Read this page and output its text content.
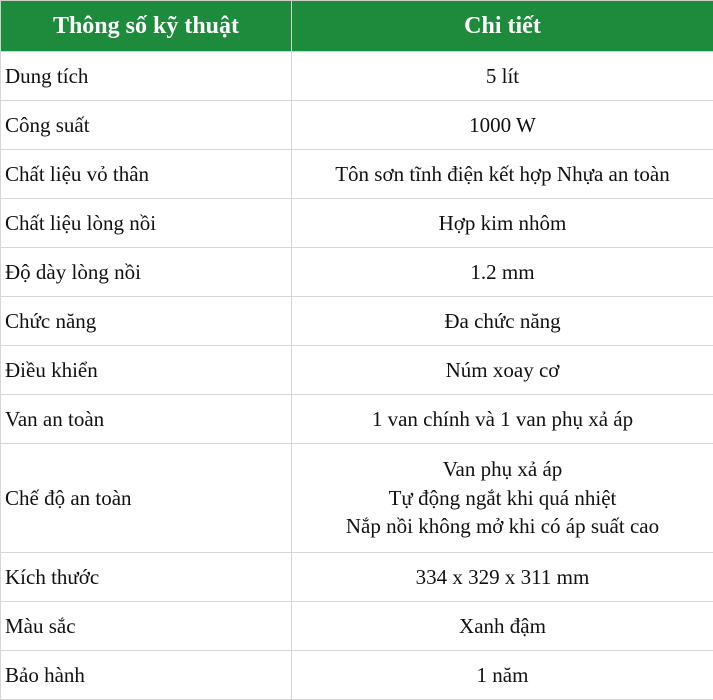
Thông số kỹ thuật	Chi tiết
Dung tích	5 lít
Công suất	1000 W
Chất liệu vỏ thân	Tôn sơn tĩnh điện kết hợp Nhựa an toàn
Chất liệu lòng nồi	Hợp kim nhôm
Độ dày lòng nồi	1.2 mm
Chức năng	Đa chức năng
Điều khiển	Núm xoay cơ
Van an toàn	1 van chính và 1 van phụ xả áp
Chế độ an toàn	Van phụ xả áp
Tự động ngắt khi quá nhiệt
Nắp nồi không mở khi có áp suất cao

Kích thước	334 x 329 x 311 mm
Màu sắc	Xanh đậm
Bảo hành	1 năm
